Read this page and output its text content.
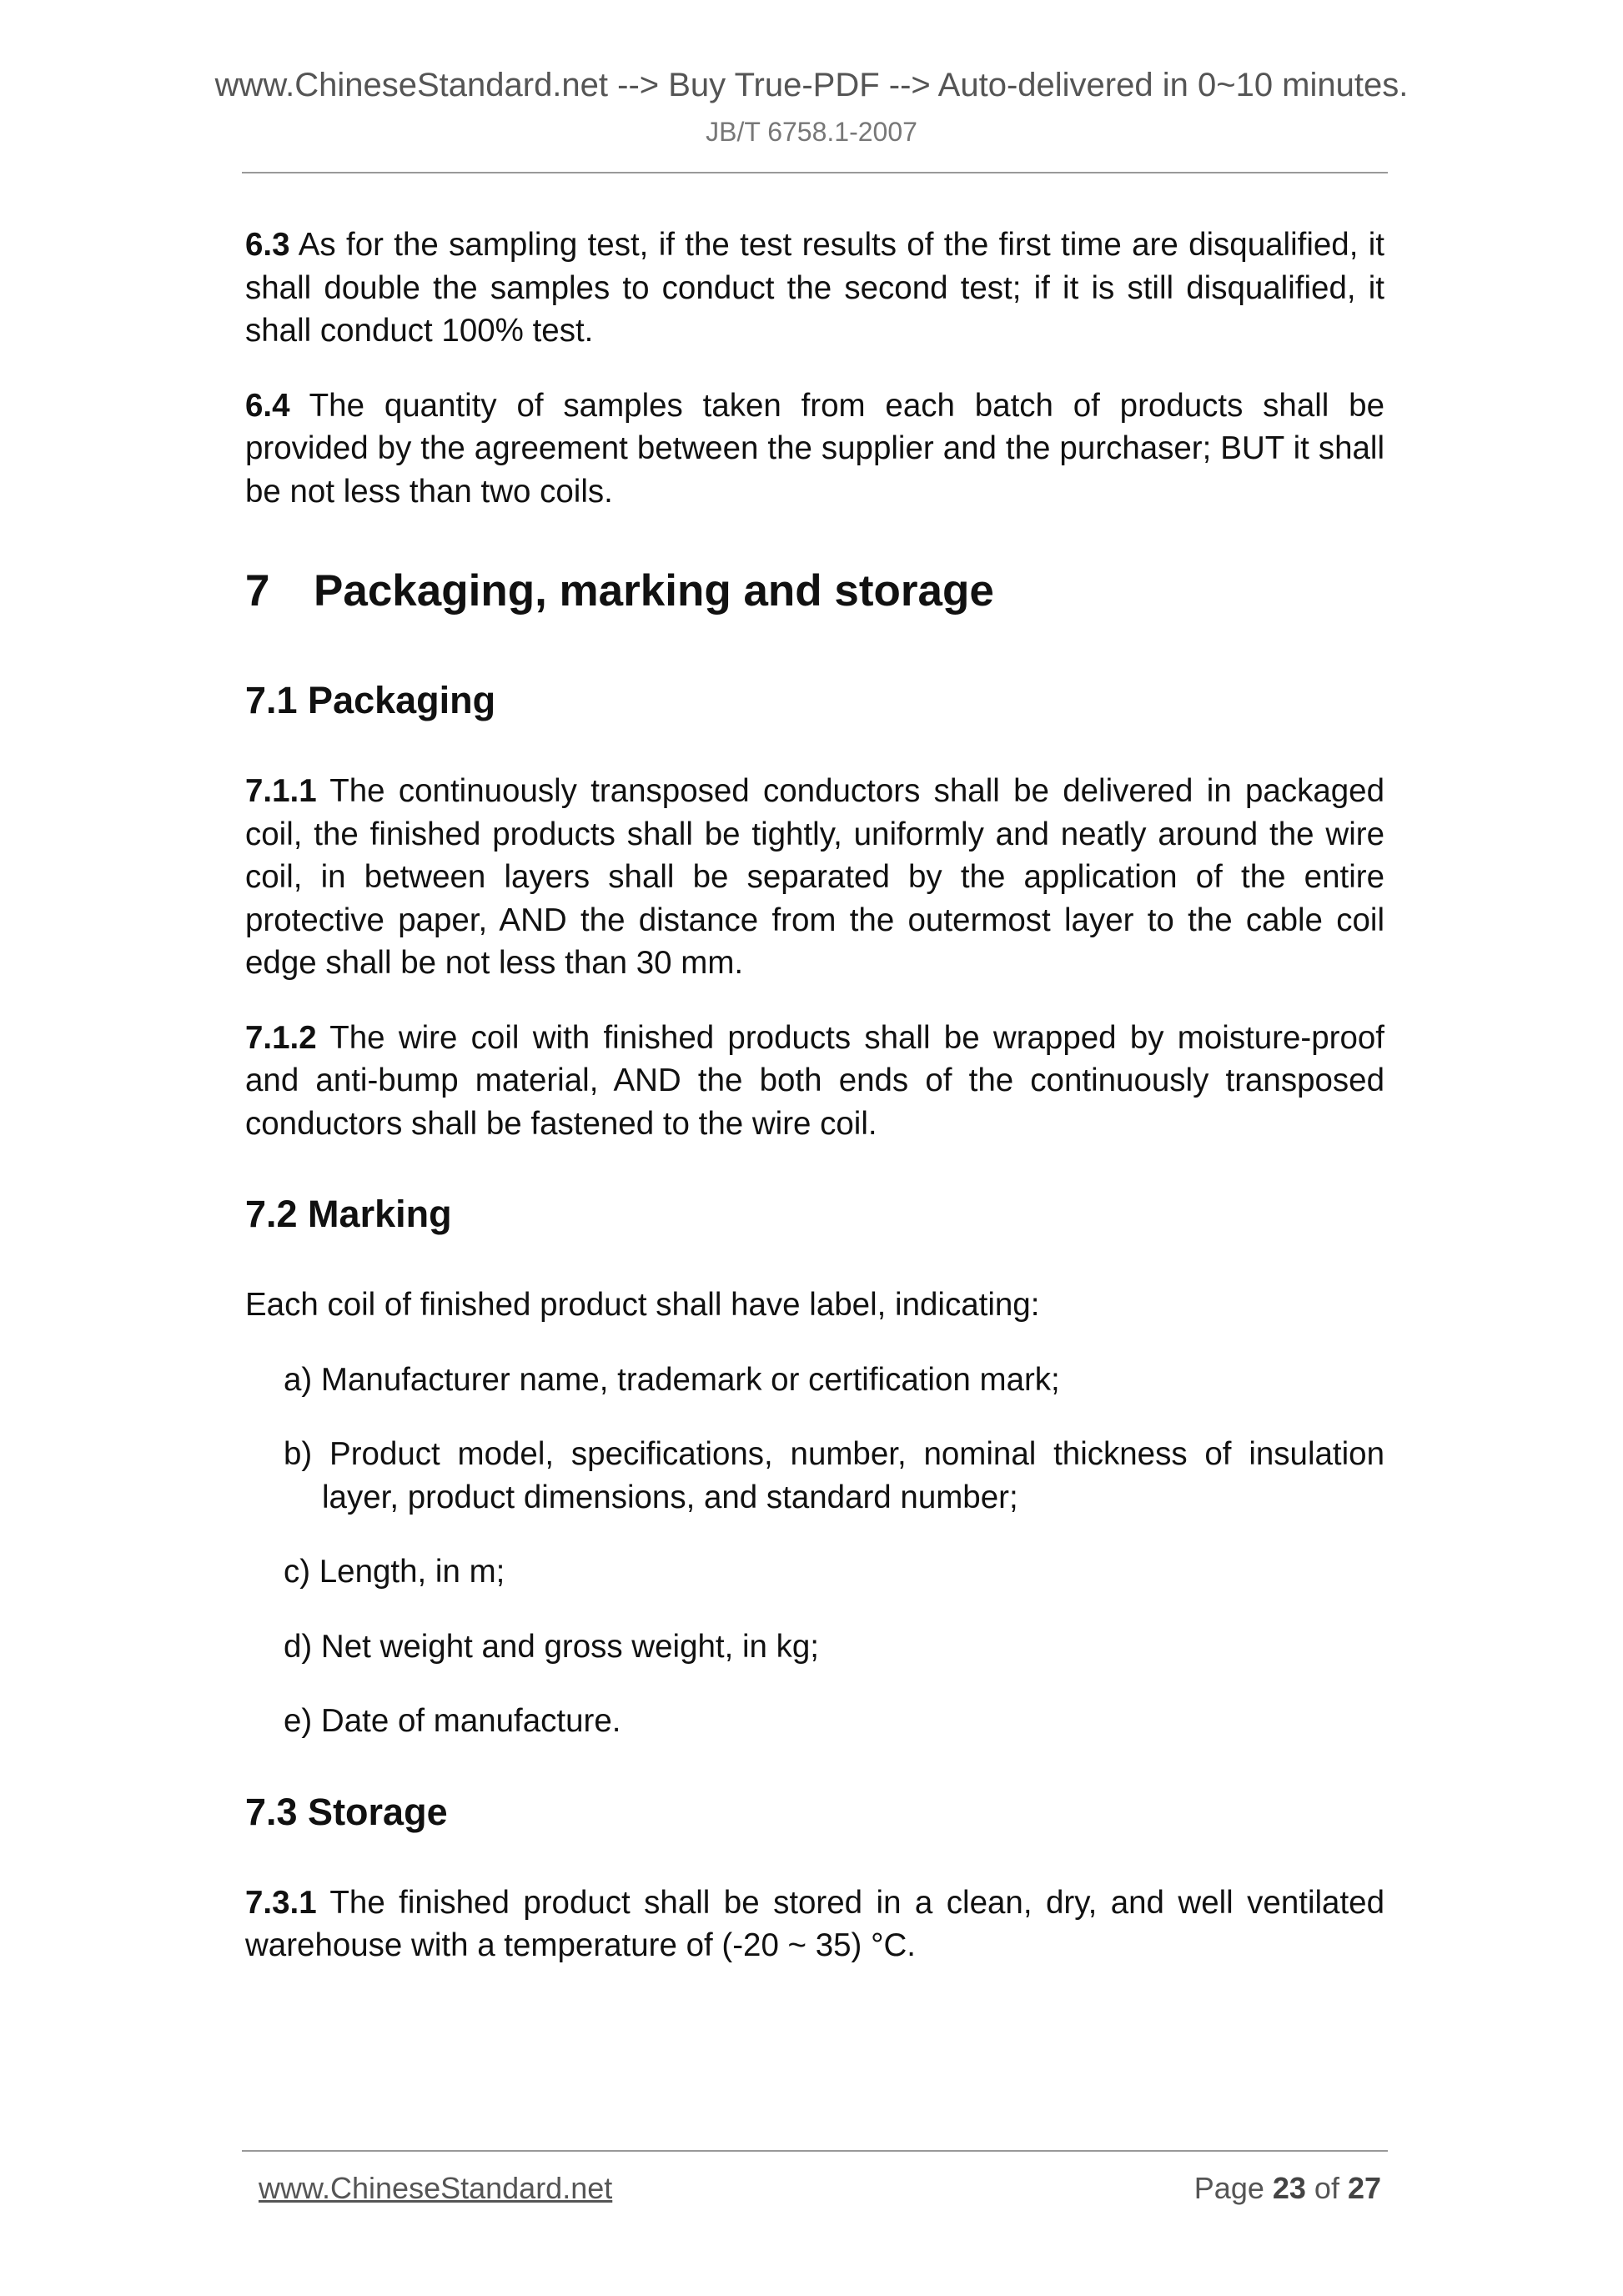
www.ChineseStandard.net --> Buy True-PDF --> Auto-delivered in 0~10 minutes.
JB/T 6758.1-2007

6.3 As for the sampling test, if the test results of the first time are disqualified, it shall double the samples to conduct the second test; if it is still disqualified, it shall conduct 100% test.

6.4 The quantity of samples taken from each batch of products shall be provided by the agreement between the supplier and the purchaser; BUT it shall be not less than two coils.

7 Packaging, marking and storage
7.1 Packaging

7.1.1 The continuously transposed conductors shall be delivered in packaged coil, the finished products shall be tightly, uniformly and neatly around the wire coil, in between layers shall be separated by the application of the entire protective paper, AND the distance from the outermost layer to the cable coil edge shall be not less than 30 mm.

7.1.2 The wire coil with finished products shall be wrapped by moisture-proof and anti-bump material, AND the both ends of the continuously transposed conductors shall be fastened to the wire coil.

7.2 Marking

Each coil of finished product shall have label, indicating:

a) Manufacturer name, trademark or certification mark;
b) Product model, specifications, number, nominal thickness of insulation layer, product dimensions, and standard number;
c) Length, in m;
d) Net weight and gross weight, in kg;
e) Date of manufacture.
7.3 Storage

7.3.1 The finished product shall be stored in a clean, dry, and well ventilated warehouse with a temperature of (-20 ~ 35) °C.

www.ChineseStandard.net	Page 23 of 27
